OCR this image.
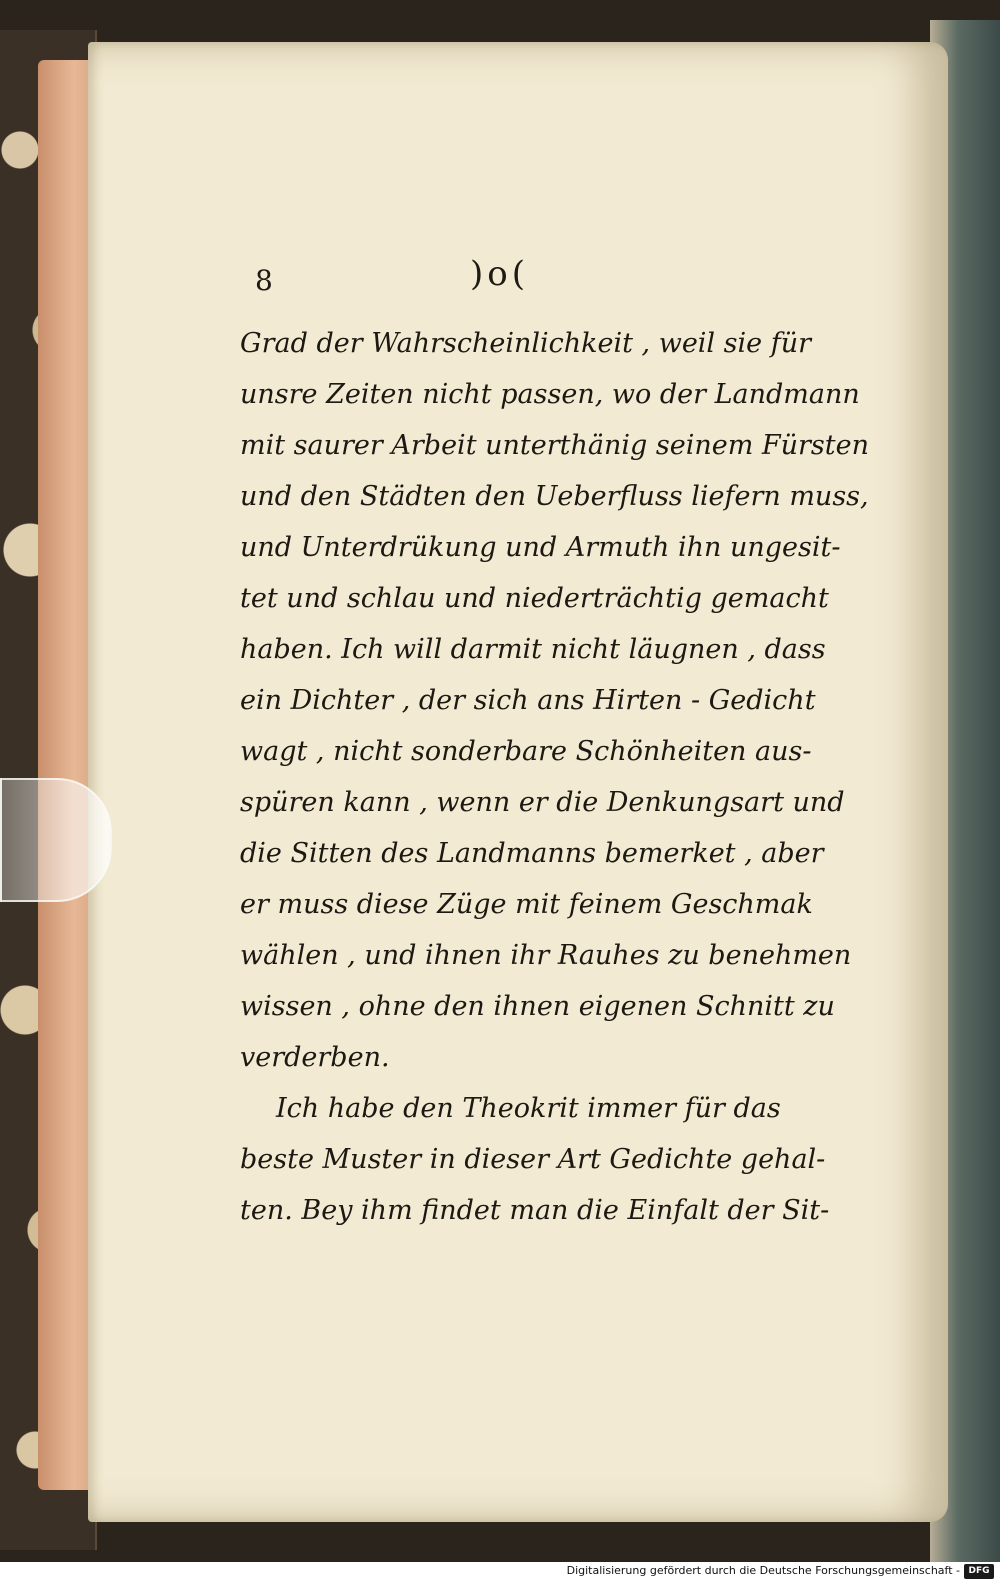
8	)o(
Grad der Wahrscheinlichkeit , weil sie für
unsre Zeiten nicht passen, wo der Landmann
mit saurer Arbeit unterthänig seinem Fürsten
und den Städten den Ueberfluss liefern muss,
und Unterdrükung und Armuth ihn ungesit-
tet und schlau und niederträchtig gemacht
haben. Ich will darmit nicht läugnen , dass
ein Dichter , der sich ans Hirten - Gedicht
wagt , nicht sonderbare Schönheiten aus-
spüren kann , wenn er die Denkungsart und
die Sitten des Landmanns bemerket , aber
er muss diese Züge mit feinem Geschmak
wählen , und ihnen ihr Rauhes zu benehmen
wissen , ohne den ihnen eigenen Schnitt zu
verderben.
Ich habe den Theokrit immer für das
beste Muster in dieser Art Gedichte gehal-
ten. Bey ihm findet man die Einfalt der Sit-
Digitalisierung gefördert durch die Deutsche Forschungsgemeinschaft - DFG
